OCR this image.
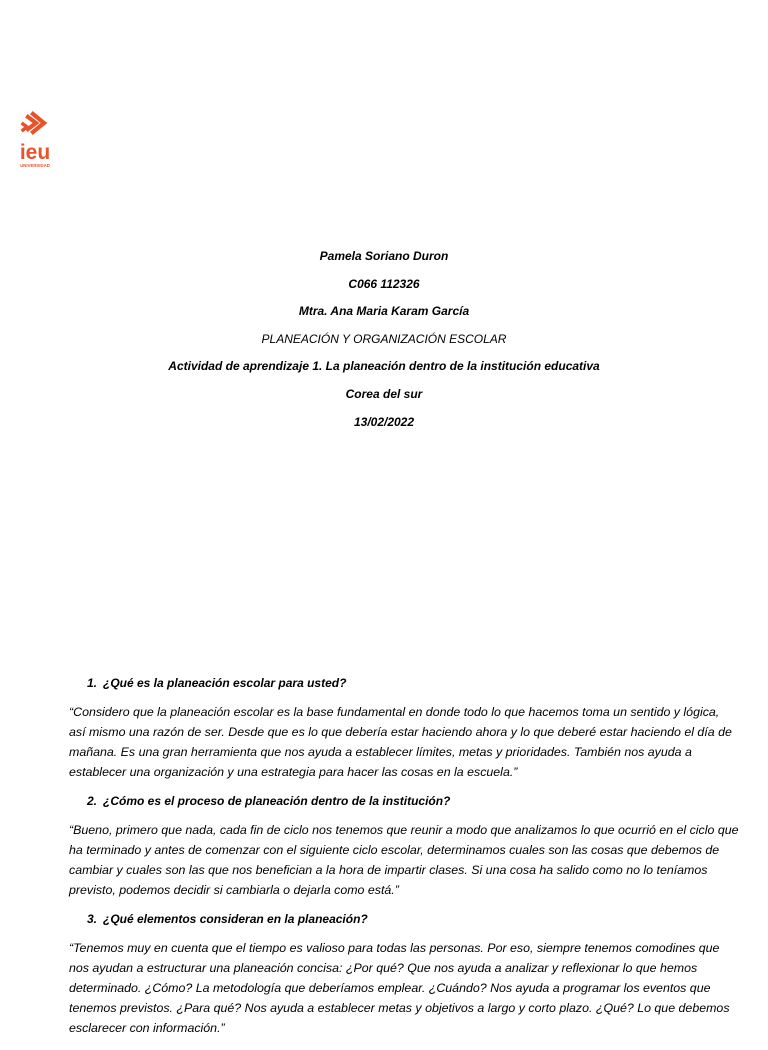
ieu
UNIVERSIDAD
Pamela Soriano Duron
C066 112326
Mtra. Ana Maria Karam García
PLANEACIÓN Y ORGANIZACIÓN ESCOLAR
Actividad de aprendizaje 1. La planeación dentro de la institución educativa
Corea del sur
13/02/2022
1. ¿Qué es la planeación escolar para usted?
“Considero que la planeación escolar es la base fundamental en donde todo lo que hacemos toma un sentido y lógica,
así mismo una razón de ser. Desde que es lo que debería estar haciendo ahora y lo que deberé estar haciendo el día de
mañana. Es una gran herramienta que nos ayuda a establecer límites, metas y prioridades. También nos ayuda a
establecer una organización y una estrategia para hacer las cosas en la escuela.”
2. ¿Cómo es el proceso de planeación dentro de la institución?
“Bueno, primero que nada, cada fin de ciclo nos tenemos que reunir a modo que analizamos lo que ocurrió en el ciclo que
ha terminado y antes de comenzar con el siguiente ciclo escolar, determinamos cuales son las cosas que debemos de
cambiar y cuales son las que nos benefician a la hora de impartir clases. Si una cosa ha salido como no lo teníamos
previsto, podemos decidir si cambiarla o dejarla como está.”
3. ¿Qué elementos consideran en la planeación?
“Tenemos muy en cuenta que el tiempo es valioso para todas las personas. Por eso, siempre tenemos comodines que
nos ayudan a estructurar una planeación concisa: ¿Por qué? Que nos ayuda a analizar y reflexionar lo que hemos
determinado. ¿Cómo? La metodología que deberíamos emplear. ¿Cuándo? Nos ayuda a programar los eventos que
tenemos previstos. ¿Para qué? Nos ayuda a establecer metas y objetivos a largo y corto plazo. ¿Qué? Lo que debemos
esclarecer con información.”
